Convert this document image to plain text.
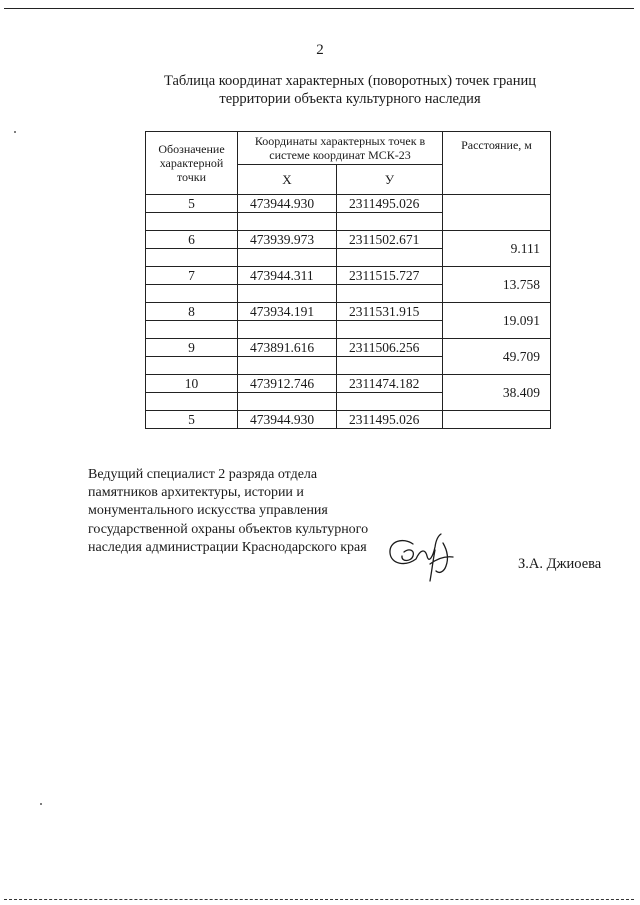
2
Таблица координат характерных (поворотных) точек границ территории объекта культурного наследия
Обозначение характерной точки	Координаты характерных точек в системе координат МСК-23		Расстояние, м
	X	У	
5	473944.930	2311495.026	

6	473939.973	2311502.671	9.111

7	473944.311	2311515.727	13.758

8	473934.191	2311531.915	19.091

9	473891.616	2311506.256	49.709

10	473912.746	2311474.182	38.409

5	473944.930	2311495.026	
Ведущий специалист 2 разряда отдела памятников архитектуры, истории и монументального искусства управления государственной охраны объектов культурного наследия администрации Краснодарского края
З.А. Джиоева
